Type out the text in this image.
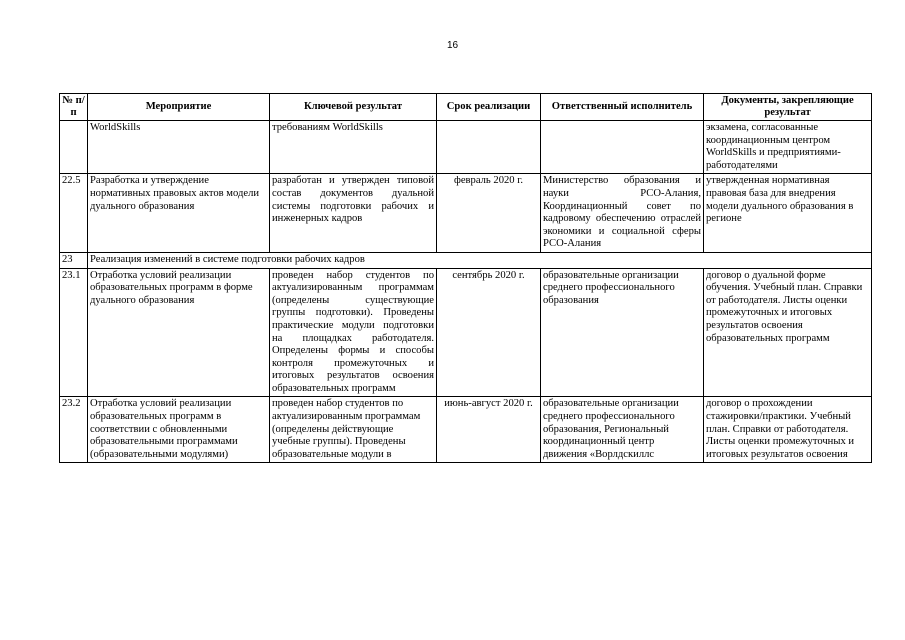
16
№ п/п	Мероприятие	Ключевой результат	Срок реализации	Ответственный исполнитель	Документы, закрепляющие результат
	WorldSkills	требованиям WorldSkills			экзамена, согласованные координационным центром WorldSkills и предприятиями-работодателями
22.5	Разработка и утверждение нормативных правовых актов модели дуального образования	разработан и утвержден типовой состав документов дуальной системы подготовки рабочих и инженерных кадров	февраль 2020 г.	Министерство образования и науки РСО-Алания, Координационный совет по кадровому обеспечению отраслей экономики и социальной сферы РСО-Алания	утвержденная нормативная правовая база для внедрения модели дуального образования в регионе
23	Реализация изменений в системе подготовки рабочих кадров				
23.1	Отработка условий реализации образовательных программ в форме дуального образования	проведен набор студентов по актуализированным программам (определены существующие группы подготовки). Проведены практические модули подготовки на площадках работодателя. Определены формы и способы контроля промежуточных и итоговых результатов освоения образовательных программ	сентябрь 2020 г.	образовательные организации среднего профессионального образования	договор о дуальной форме обучения. Учебный план. Справки от работодателя. Листы оценки промежуточных и итоговых результатов освоения образовательных программ
23.2	Отработка условий реализации образовательных программ в соответствии с обновленными образовательными программами (образовательными модулями)	проведен набор студентов по актуализированным программам (определены действующие учебные группы). Проведены образовательные модули в	июнь-август 2020 г.	образовательные организации среднего профессионального образования, Региональный координационный центр движения «Ворлдскиллс	договор о прохождении стажировки/практики. Учебный план. Справки от работодателя. Листы оценки промежуточных и итоговых результатов освоения
